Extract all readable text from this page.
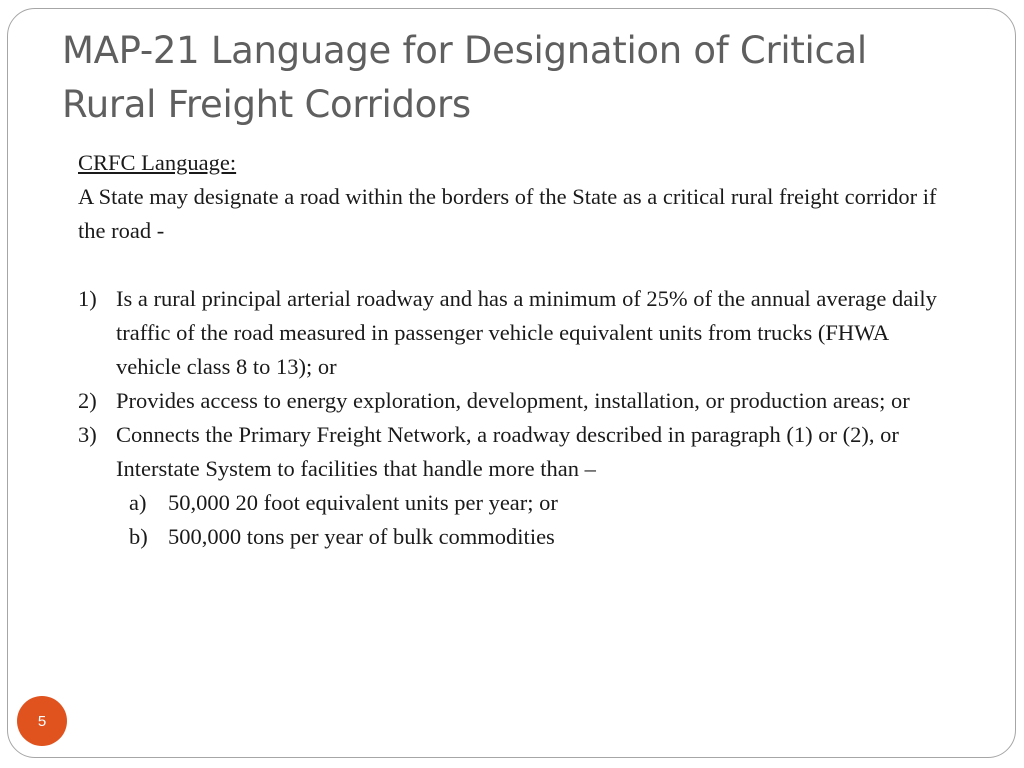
MAP-21 Language for Designation of Critical Rural Freight Corridors
CRFC Language:
A State may designate a road within the borders of the State as a critical rural freight corridor if the road -
1) Is a rural principal arterial roadway and has a minimum of 25% of the annual average daily traffic of the road measured in passenger vehicle equivalent units from trucks (FHWA vehicle class 8 to 13); or
2) Provides access to energy exploration, development, installation, or production areas; or
3) Connects the Primary Freight Network, a roadway described in paragraph (1) or (2), or Interstate System to facilities that handle more than –
a) 50,000 20 foot equivalent units per year; or
b) 500,000 tons per year of bulk commodities
5
